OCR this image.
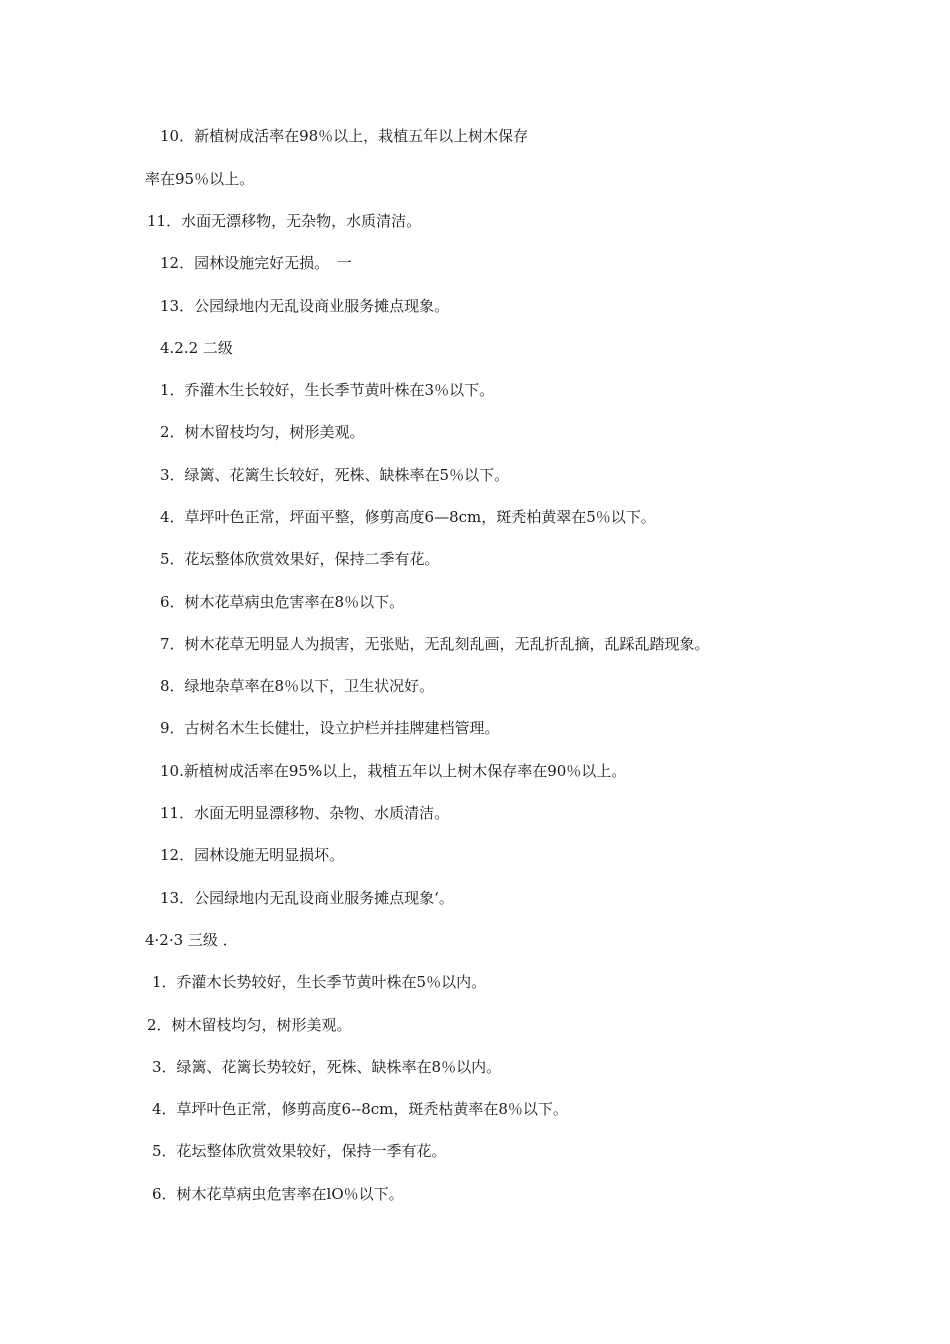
10．新植树成活率在98％以上，栽植五年以上树木保存
率在95％以上。
11．水面无漂移物，无杂物，水质清洁。
12．园林设施完好无损。　一
13．公园绿地内无乱设商业服务摊点现象。
4.2.2 二级
1．乔灌木生长较好，生长季节黄叶株在3％以下。
2．树木留枝均匀，树形美观。
3．绿篱、花篱生长较好，死株、缺株率在5％以下。
4．草坪叶色正常，坪面平整，修剪高度6—8cm，斑秃柏黄翠在5％以下。
5．花坛整体欣赏效果好，保持二季有花。
6．树木花草病虫危害率在8％以下。
7．树木花草无明显人为损害，无张贴，无乱刻乱画，无乱折乱摘，乱踩乱踏现象。
8．绿地杂草率在8％以下，卫生状况好。
9．古树名木生长健壮，设立护栏并挂牌建档管理。
10.新植树成活率在95%以上，栽植五年以上树木保存率在90％以上。
11．水面无明显漂移物、杂物、水质清洁。
12．园林设施无明显损坏。
13．公园绿地内无乱设商业服务摊点现象‘。
4·2·3 三级 ．
1．乔灌木长势较好，生长季节黄叶株在5％以内。
2．树木留枝均匀，树形美观。
3．绿篱、花篱长势较好，死株、缺株率在8％以内。
4．草坪叶色正常，修剪高度6--8cm，斑秃枯黄率在8％以下。
5．花坛整体欣赏效果较好，保持一季有花。
6．树木花草病虫危害率在lO％以下。
